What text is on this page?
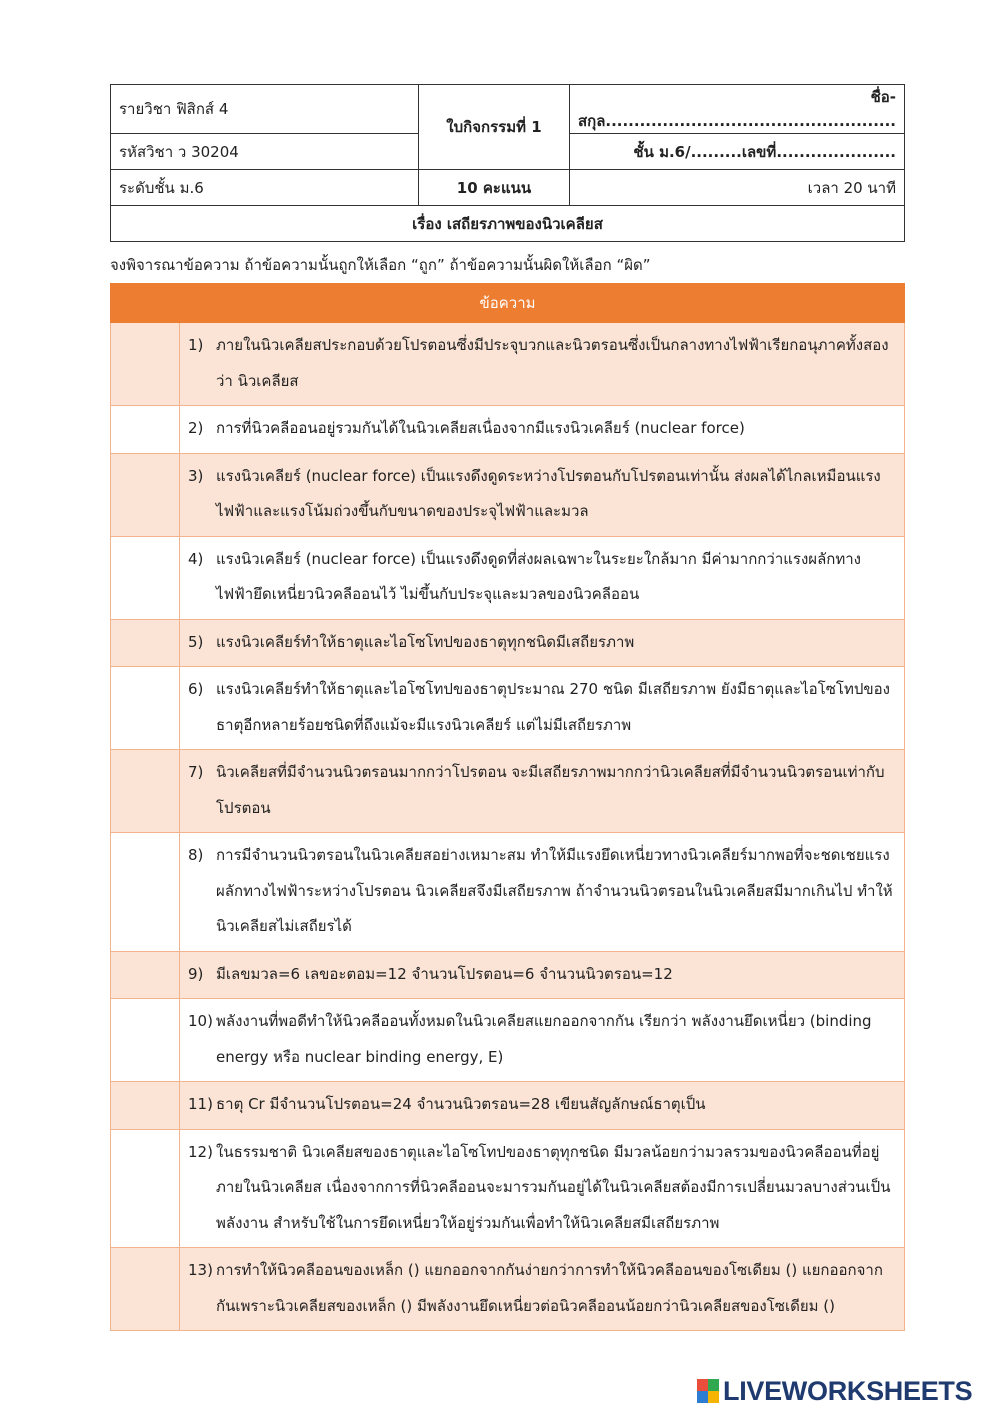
รายวิชา ฟิสิกส์ 4	ใบกิจกรรมที่ 1	ชื่อ-สกุล...................................................
รหัสวิชา ว 30204		ชั้น ม.6/.........เลขที่.....................
ระดับชั้น ม.6	10 คะแนน	เวลา 20 นาที
เรื่อง เสถียรภาพของนิวเคลียส		
จงพิจารณาข้อความ ถ้าข้อความนั้นถูกให้เลือก “ถูก” ถ้าข้อความนั้นผิดให้เลือก “ผิด”
ข้อความ	

	1) ภายในนิวเคลียสประกอบด้วยโปรตอนซึ่งมีประจุบวกและนิวตรอนซึ่งเป็นกลางทางไฟฟ้าเรียกอนุภาคทั้งสองว่า นิวเคลียส

	2) การที่นิวคลีออนอยู่รวมกันได้ในนิวเคลียสเนื่องจากมีแรงนิวเคลียร์ (nuclear force)

	3) แรงนิวเคลียร์ (nuclear force) เป็นแรงดึงดูดระหว่างโปรตอนกับโปรตอนเท่านั้น ส่งผลได้ไกลเหมือนแรงไฟฟ้าและแรงโน้มถ่วงขึ้นกับขนาดของประจุไฟฟ้าและมวล

	4) แรงนิวเคลียร์ (nuclear force) เป็นแรงดึงดูดที่ส่งผลเฉพาะในระยะใกล้มาก มีค่ามากกว่าแรงผลักทางไฟฟ้ายึดเหนี่ยวนิวคลีออนไว้ ไม่ขึ้นกับประจุและมวลของนิวคลีออน

	5) แรงนิวเคลียร์ทำให้ธาตุและไอโซโทปของธาตุทุกชนิดมีเสถียรภาพ

	6) แรงนิวเคลียร์ทำให้ธาตุและไอโซโทปของธาตุประมาณ 270 ชนิด มีเสถียรภาพ ยังมีธาตุและไอโซโทปของธาตุอีกหลายร้อยชนิดที่ถึงแม้จะมีแรงนิวเคลียร์ แต่ไม่มีเสถียรภาพ

	7) นิวเคลียสที่มีจำนวนนิวตรอนมากกว่าโปรตอน จะมีเสถียรภาพมากกว่านิวเคลียสที่มีจำนวนนิวตรอนเท่ากับโปรตอน

	8) การมีจำนวนนิวตรอนในนิวเคลียสอย่างเหมาะสม ทำให้มีแรงยึดเหนี่ยวทางนิวเคลียร์มากพอที่จะชดเชยแรงผลักทางไฟฟ้าระหว่างโปรตอน นิวเคลียสจึงมีเสถียรภาพ ถ้าจำนวนนิวตรอนในนิวเคลียสมีมากเกินไป ทำให้นิวเคลียสไม่เสถียรได้

	9) มีเลขมวล=6 เลขอะตอม=12 จำนวนโปรตอน=6 จำนวนนิวตรอน=12

	10) พลังงานที่พอดีทำให้นิวคลีออนทั้งหมดในนิวเคลียสแยกออกจากกัน เรียกว่า พลังงานยึดเหนี่ยว (binding energy หรือ nuclear binding energy, E)

	11) ธาตุ Cr มีจำนวนโปรตอน=24 จำนวนนิวตรอน=28 เขียนสัญลักษณ์ธาตุเป็น

	12) ในธรรมชาติ นิวเคลียสของธาตุและไอโซโทปของธาตุทุกชนิด มีมวลน้อยกว่ามวลรวมของนิวคลีออนที่อยู่ภายในนิวเคลียส เนื่องจากการที่นิวคลีออนจะมารวมกันอยู่ได้ในนิวเคลียสต้องมีการเปลี่ยนมวลบางส่วนเป็นพลังงาน สำหรับใช้ในการยึดเหนี่ยวให้อยู่ร่วมกันเพื่อทำให้นิวเคลียสมีเสถียรภาพ

	13) การทำให้นิวคลีออนของเหล็ก () แยกออกจากกันง่ายกว่าการทำให้นิวคลีออนของโซเดียม () แยกออกจากกันเพราะนิวเคลียสของเหล็ก () มีพลังงานยึดเหนี่ยวต่อนิวคลีออนน้อยกว่านิวเคลียสของโซเดียม ()
LIVEWORKSHEETS
